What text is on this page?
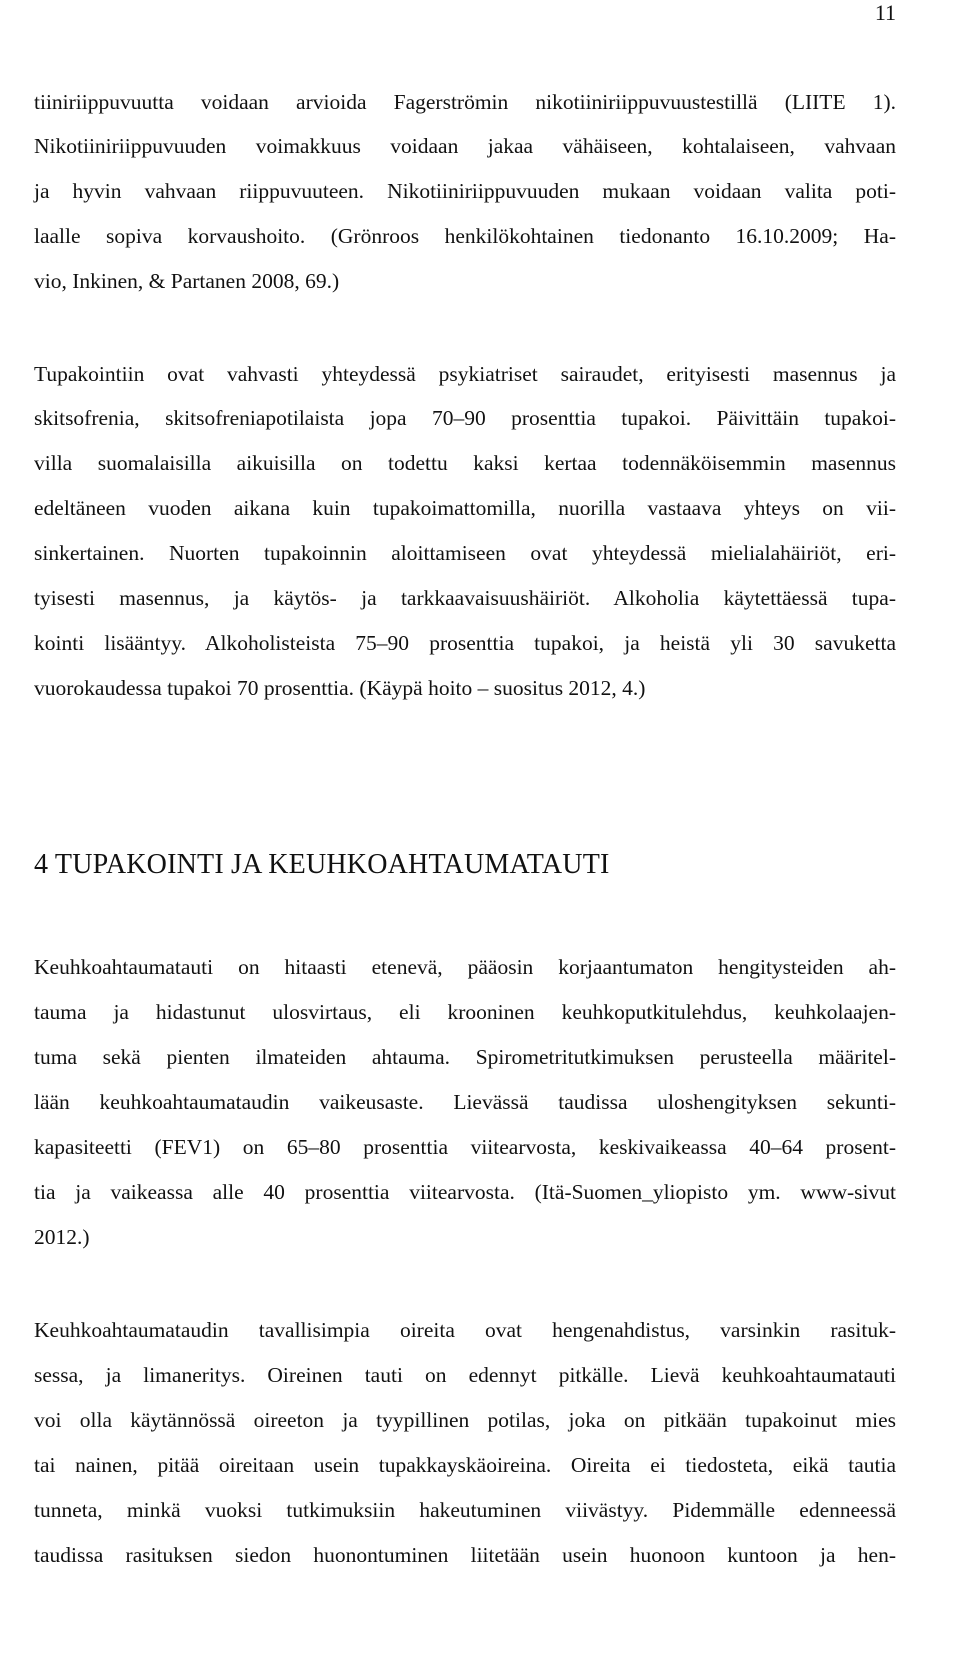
11
tiiniriippuvuutta voidaan arvioida Fagerströmin nikotiiniriippuvuustestillä (LIITE 1).
Nikotiiniriippuvuuden voimakkuus voidaan jakaa vähäiseen, kohtalaiseen, vahvaan
ja hyvin vahvaan riippuvuuteen. Nikotiiniriippuvuuden mukaan voidaan valita poti-
laalle sopiva korvaushoito. (Grönroos henkilökohtainen tiedonanto 16.10.2009; Ha-
vio, Inkinen, & Partanen 2008, 69.)
Tupakointiin ovat vahvasti yhteydessä psykiatriset sairaudet, erityisesti masennus ja
skitsofrenia, skitsofreniapotilaista jopa 70–90 prosenttia tupakoi. Päivittäin tupakoi-
villa suomalaisilla aikuisilla on todettu kaksi kertaa todennäköisemmin masennus
edeltäneen vuoden aikana kuin tupakoimattomilla, nuorilla vastaava yhteys on vii-
sinkertainen. Nuorten tupakoinnin aloittamiseen ovat yhteydessä mielialahäiriöt, eri-
tyisesti masennus, ja käytös- ja tarkkaavaisuushäiriöt. Alkoholia käytettäessä tupa-
kointi lisääntyy. Alkoholisteista 75–90 prosenttia tupakoi, ja heistä yli 30 savuketta
vuorokaudessa tupakoi 70 prosenttia. (Käypä hoito – suositus 2012, 4.)
4 TUPAKOINTI JA KEUHKOAHTAUMATAUTI
Keuhkoahtaumatauti on hitaasti etenevä, pääosin korjaantumaton hengitysteiden ah-
tauma ja hidastunut ulosvirtaus, eli krooninen keuhkoputkitulehdus, keuhkolaajen-
tuma sekä pienten ilmateiden ahtauma. Spirometritutkimuksen perusteella määritel-
lään keuhkoahtaumataudin vaikeusaste. Lievässä taudissa uloshengityksen sekunti-
kapasiteetti (FEV1) on 65–80 prosenttia viitearvosta, keskivaikeassa 40–64 prosent-
tia ja vaikeassa alle 40 prosenttia viitearvosta. (Itä-Suomen_yliopisto ym. www-sivut
2012.)
Keuhkoahtaumataudin tavallisimpia oireita ovat hengenahdistus, varsinkin rasituk-
sessa, ja limaneritys. Oireinen tauti on edennyt pitkälle. Lievä keuhkoahtaumatauti
voi olla käytännössä oireeton ja tyypillinen potilas, joka on pitkään tupakoinut mies
tai nainen, pitää oireitaan usein tupakkayskäoireina. Oireita ei tiedosteta, eikä tautia
tunneta, minkä vuoksi tutkimuksiin hakeutuminen viivästyy. Pidemmälle edenneessä
taudissa rasituksen siedon huonontuminen liitetään usein huonoon kuntoon ja hen-
